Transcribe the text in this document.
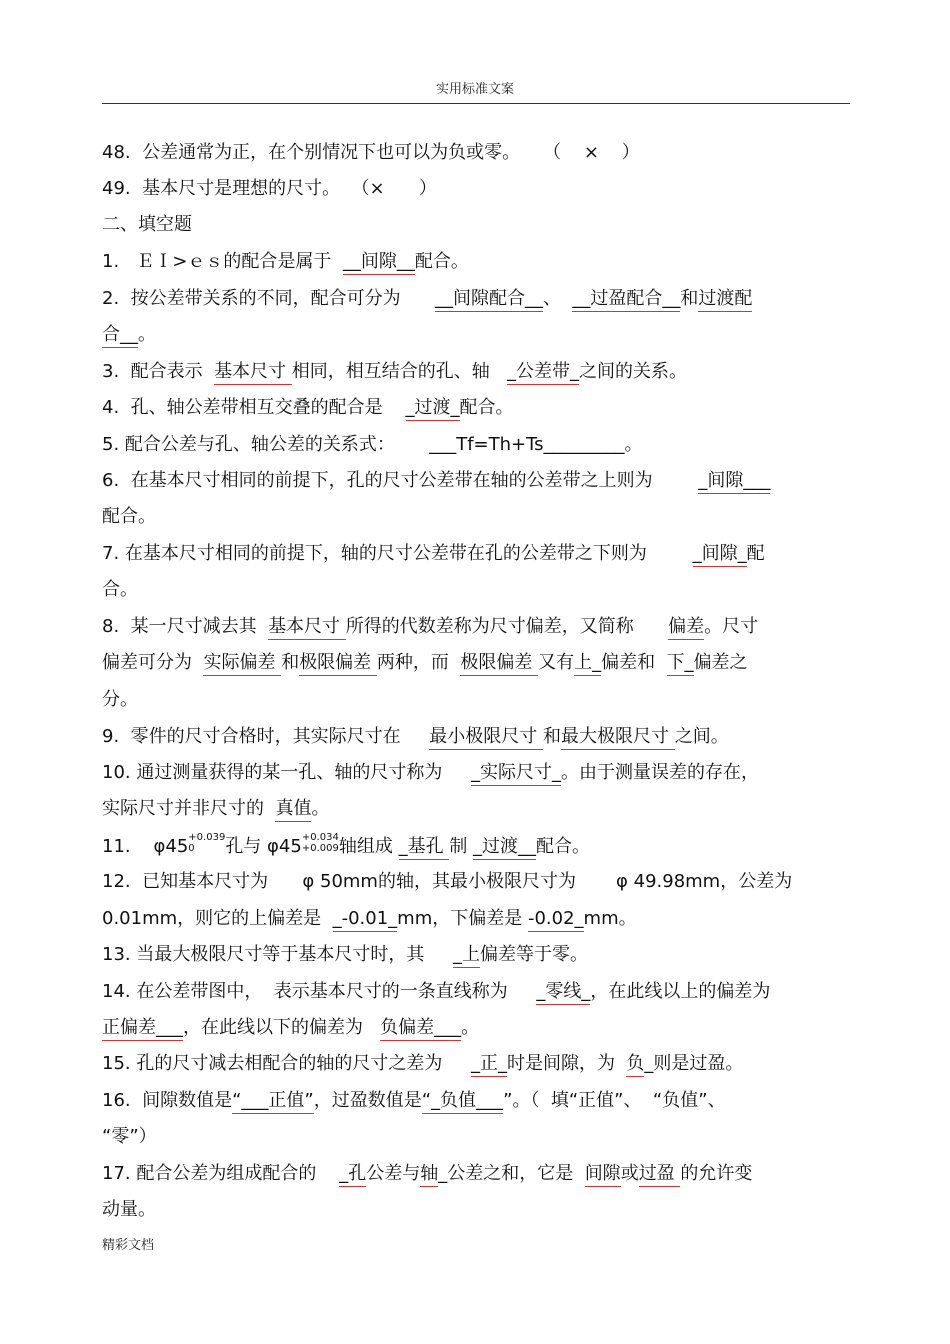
实用标准文案
48.  公差通常为正，在个别情况下也可以为负或零。    （    ×    ）
49.  基本尺寸是理想的尺寸。  （×      ）
二、填空题
1.   ＥＩ>ｅｓ的配合是属于  __间隙__配合。
2.  按公差带关系的不同，配合可分为      __间隙配合__、  __过盈配合__和过渡配
合__。
3.  配合表示  基本尺寸 相同，相互结合的孔、轴   _公差带_之间的关系。
4.  孔、轴公差带相互交叠的配合是    _过渡_配合。
5. 配合公差与孔、轴公差的关系式：      ___Tf=Th+Ts_________。
6.  在基本尺寸相同的前提下，孔的尺寸公差带在轴的公差带之上则为        _间隙___
配合。
7. 在基本尺寸相同的前提下，轴的尺寸公差带在孔的公差带之下则为        _间隙_配
合。
8.  某一尺寸减去其  基本尺寸 所得的代数差称为尺寸偏差，又简称      偏差。尺寸
偏差可分为  实际偏差 和极限偏差 两种，而  极限偏差 又有上_偏差和  下_偏差之
分。
9.  零件的尺寸合格时，其实际尺寸在     最小极限尺寸 和最大极限尺寸 之间。
10. 通过测量获得的某一孔、轴的尺寸称为     _实际尺寸_。由于测量误差的存在，
实际尺寸并非尺寸的  真值。
11.    φ45 +0.039
0	孔与 φ45 +0.034
+0.009 轴组成 _基孔 制 _过渡__配合。
12.  已知基本尺寸为      φ 50mm的轴，其最小极限尺寸为       φ 49.98mm，公差为
0.01mm，则它的上偏差是  _-0.01_mm，下偏差是 -0.02_mm。
13. 当最大极限尺寸等于基本尺寸时，其     _上偏差等于零。
14. 在公差带图中，  表示基本尺寸的一条直线称为     _零线_，在此线以上的偏差为
正偏差___，在此线以下的偏差为   负偏差___。
15. 孔的尺寸减去相配合的轴的尺寸之差为     _正_时是间隙，为  负_则是过盈。
16.  间隙数值是“___正值”，过盈数值是“_负值___”。（  填“正值”、  “负值”、
“零”）
17. 配合公差为组成配合的    _孔公差与轴_公差之和，它是  间隙或过盈 的允许变
动量。
精彩文档
